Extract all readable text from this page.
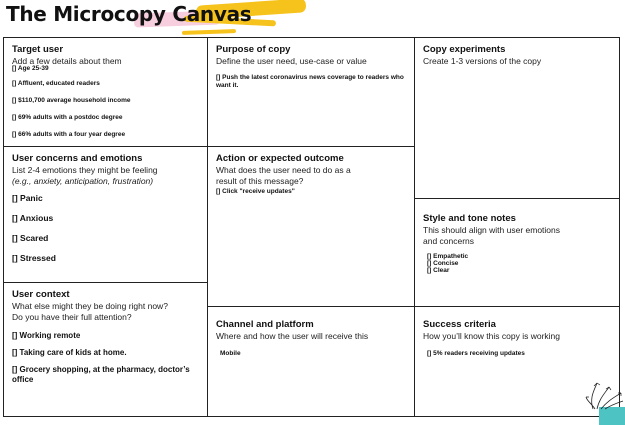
The Microcopy Canvas

Target user

Add a few details about them

[] Age 25-39

[] Affluent, educated readers

[] $110,700 average household income

[] 69% adults with a postdoc degree

[] 66% adults with a four year degree

User concerns and emotions

List 2-4 emotions they might be feeling

(e.g., anxiety, anticipation, frustration)

[] Panic

[] Anxious

[] Scared

[] Stressed

User context

What else might they be doing right now?

Do you have their full attention?

[] Working remote

[] Taking care of kids at home.

[] Grocery shopping, at the pharmacy, doctor’s office

Purpose of copy

Define the user need, use-case or value

[] Push the latest coronavirus news coverage to readers who want it.

Action or expected outcome

What does the user need to do as a

result of this message?

[] Click "receive updates"

Channel and platform

Where and how the user will receive this

Mobile

Copy experiments

Create 1-3 versions of the copy

Style and tone notes

This should align with user emotions

and concerns

[] Empathetic

[] Concise

[] Clear

Success criteria

How you’ll know this copy is working

[] 5% readers receiving updates
